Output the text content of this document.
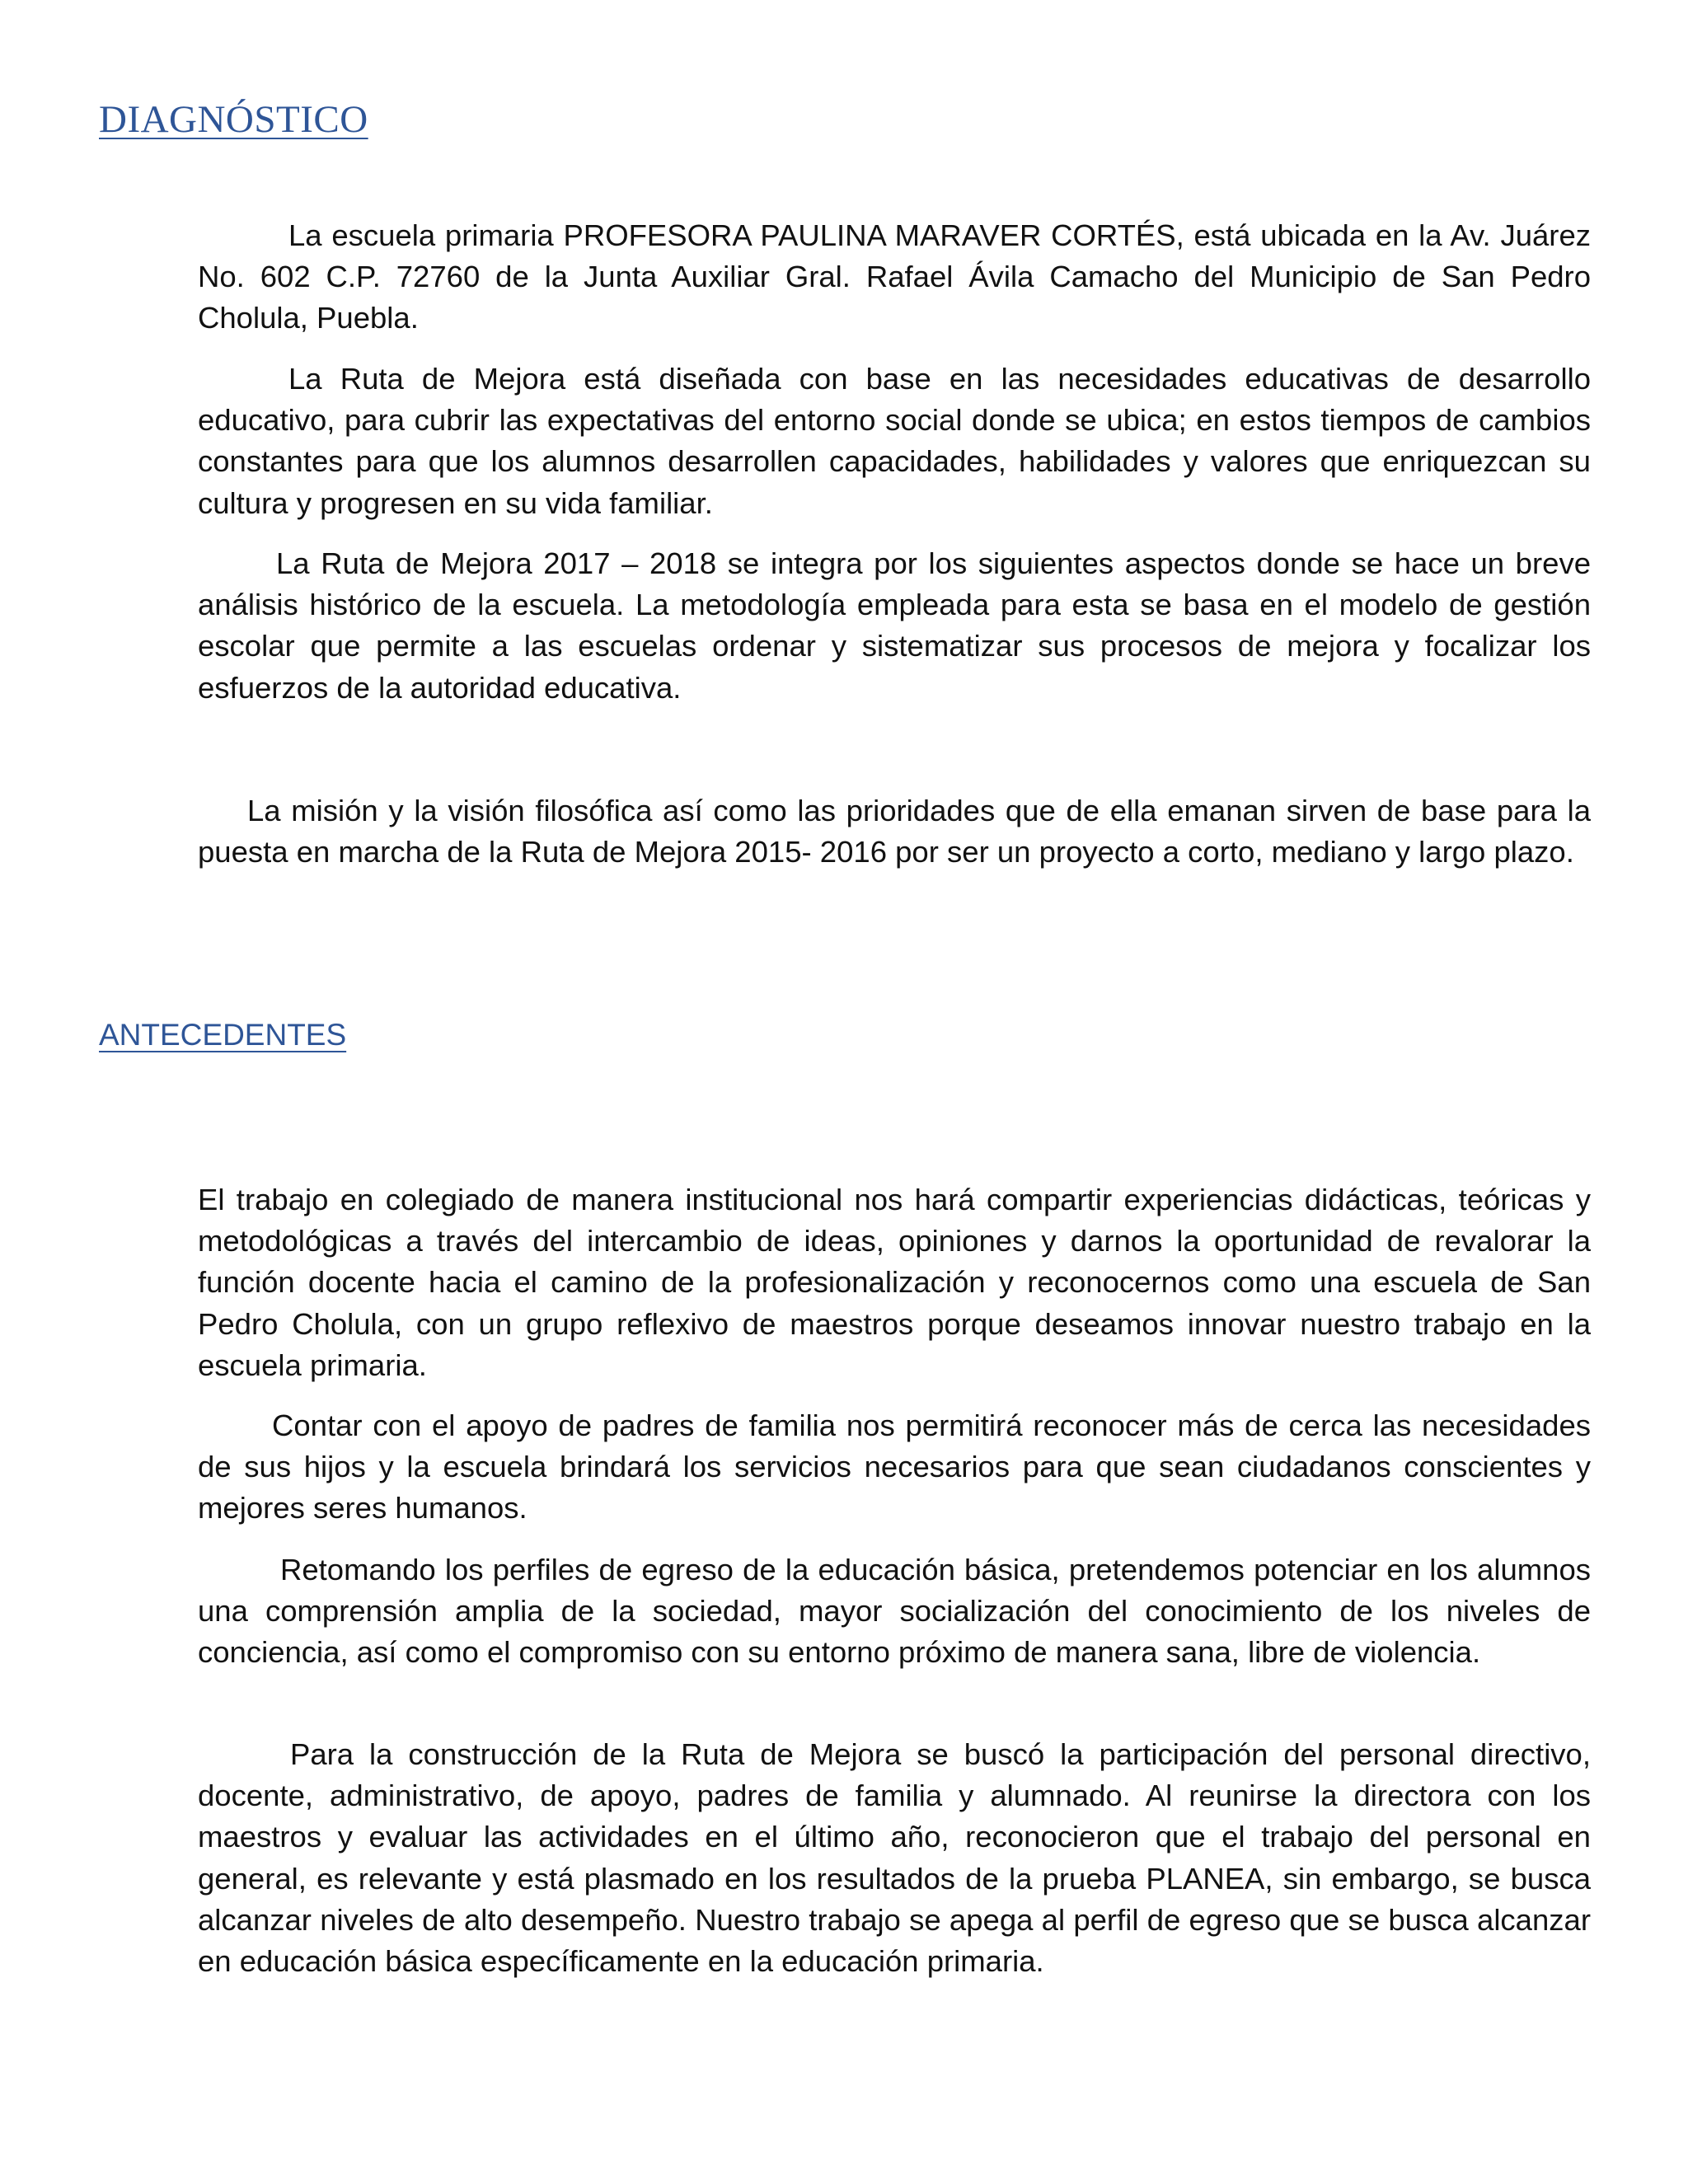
DIAGNÓSTICO

La escuela primaria PROFESORA PAULINA MARAVER CORTÉS, está ubicada en la Av. Juárez No. 602 C.P. 72760 de la Junta Auxiliar Gral. Rafael Ávila Camacho del Municipio de San Pedro Cholula, Puebla.

La Ruta de Mejora está diseñada con base en las necesidades educativas de desarrollo educativo, para cubrir las expectativas del entorno social donde se ubica; en estos tiempos de cambios constantes para que los alumnos desarrollen capacidades, habilidades y valores que enriquezcan su cultura y progresen en su vida familiar.

La Ruta de Mejora 2017 – 2018 se integra por los siguientes aspectos donde se hace un breve análisis histórico de la escuela. La metodología empleada para esta se basa en el modelo de gestión escolar que permite a las escuelas ordenar y sistematizar sus procesos de mejora y focalizar los esfuerzos de la autoridad educativa.

La misión y la visión filosófica así como las prioridades que de ella emanan sirven de base para la puesta en marcha de la Ruta de Mejora 2015- 2016 por ser un proyecto a corto, mediano y largo plazo.

ANTECEDENTES

El trabajo en colegiado de manera institucional nos hará compartir experiencias didácticas, teóricas y metodológicas a través del intercambio de ideas, opiniones y darnos la oportunidad de revalorar la función docente hacia el camino de la profesionalización y reconocernos como una escuela de San Pedro Cholula, con un grupo reflexivo de maestros porque deseamos innovar nuestro trabajo en la escuela primaria.

Contar con el apoyo de padres de familia nos permitirá reconocer más de cerca las necesidades de sus hijos y la escuela brindará los servicios necesarios para que sean ciudadanos conscientes y mejores seres humanos.

Retomando los perfiles de egreso de la educación básica, pretendemos potenciar en los alumnos una comprensión amplia de la sociedad, mayor socialización del conocimiento de los niveles de conciencia, así como el compromiso con su entorno próximo de manera sana, libre de violencia.

Para la construcción de la Ruta de Mejora se buscó la participación del personal directivo, docente, administrativo, de apoyo, padres de familia y alumnado. Al reunirse la directora con los maestros y evaluar las actividades en el último año, reconocieron que el trabajo del personal en general, es relevante y está plasmado en los resultados de la prueba PLANEA, sin embargo, se busca alcanzar niveles de alto desempeño. Nuestro trabajo se apega al perfil de egreso que se busca alcanzar en educación básica específicamente en la educación primaria.
